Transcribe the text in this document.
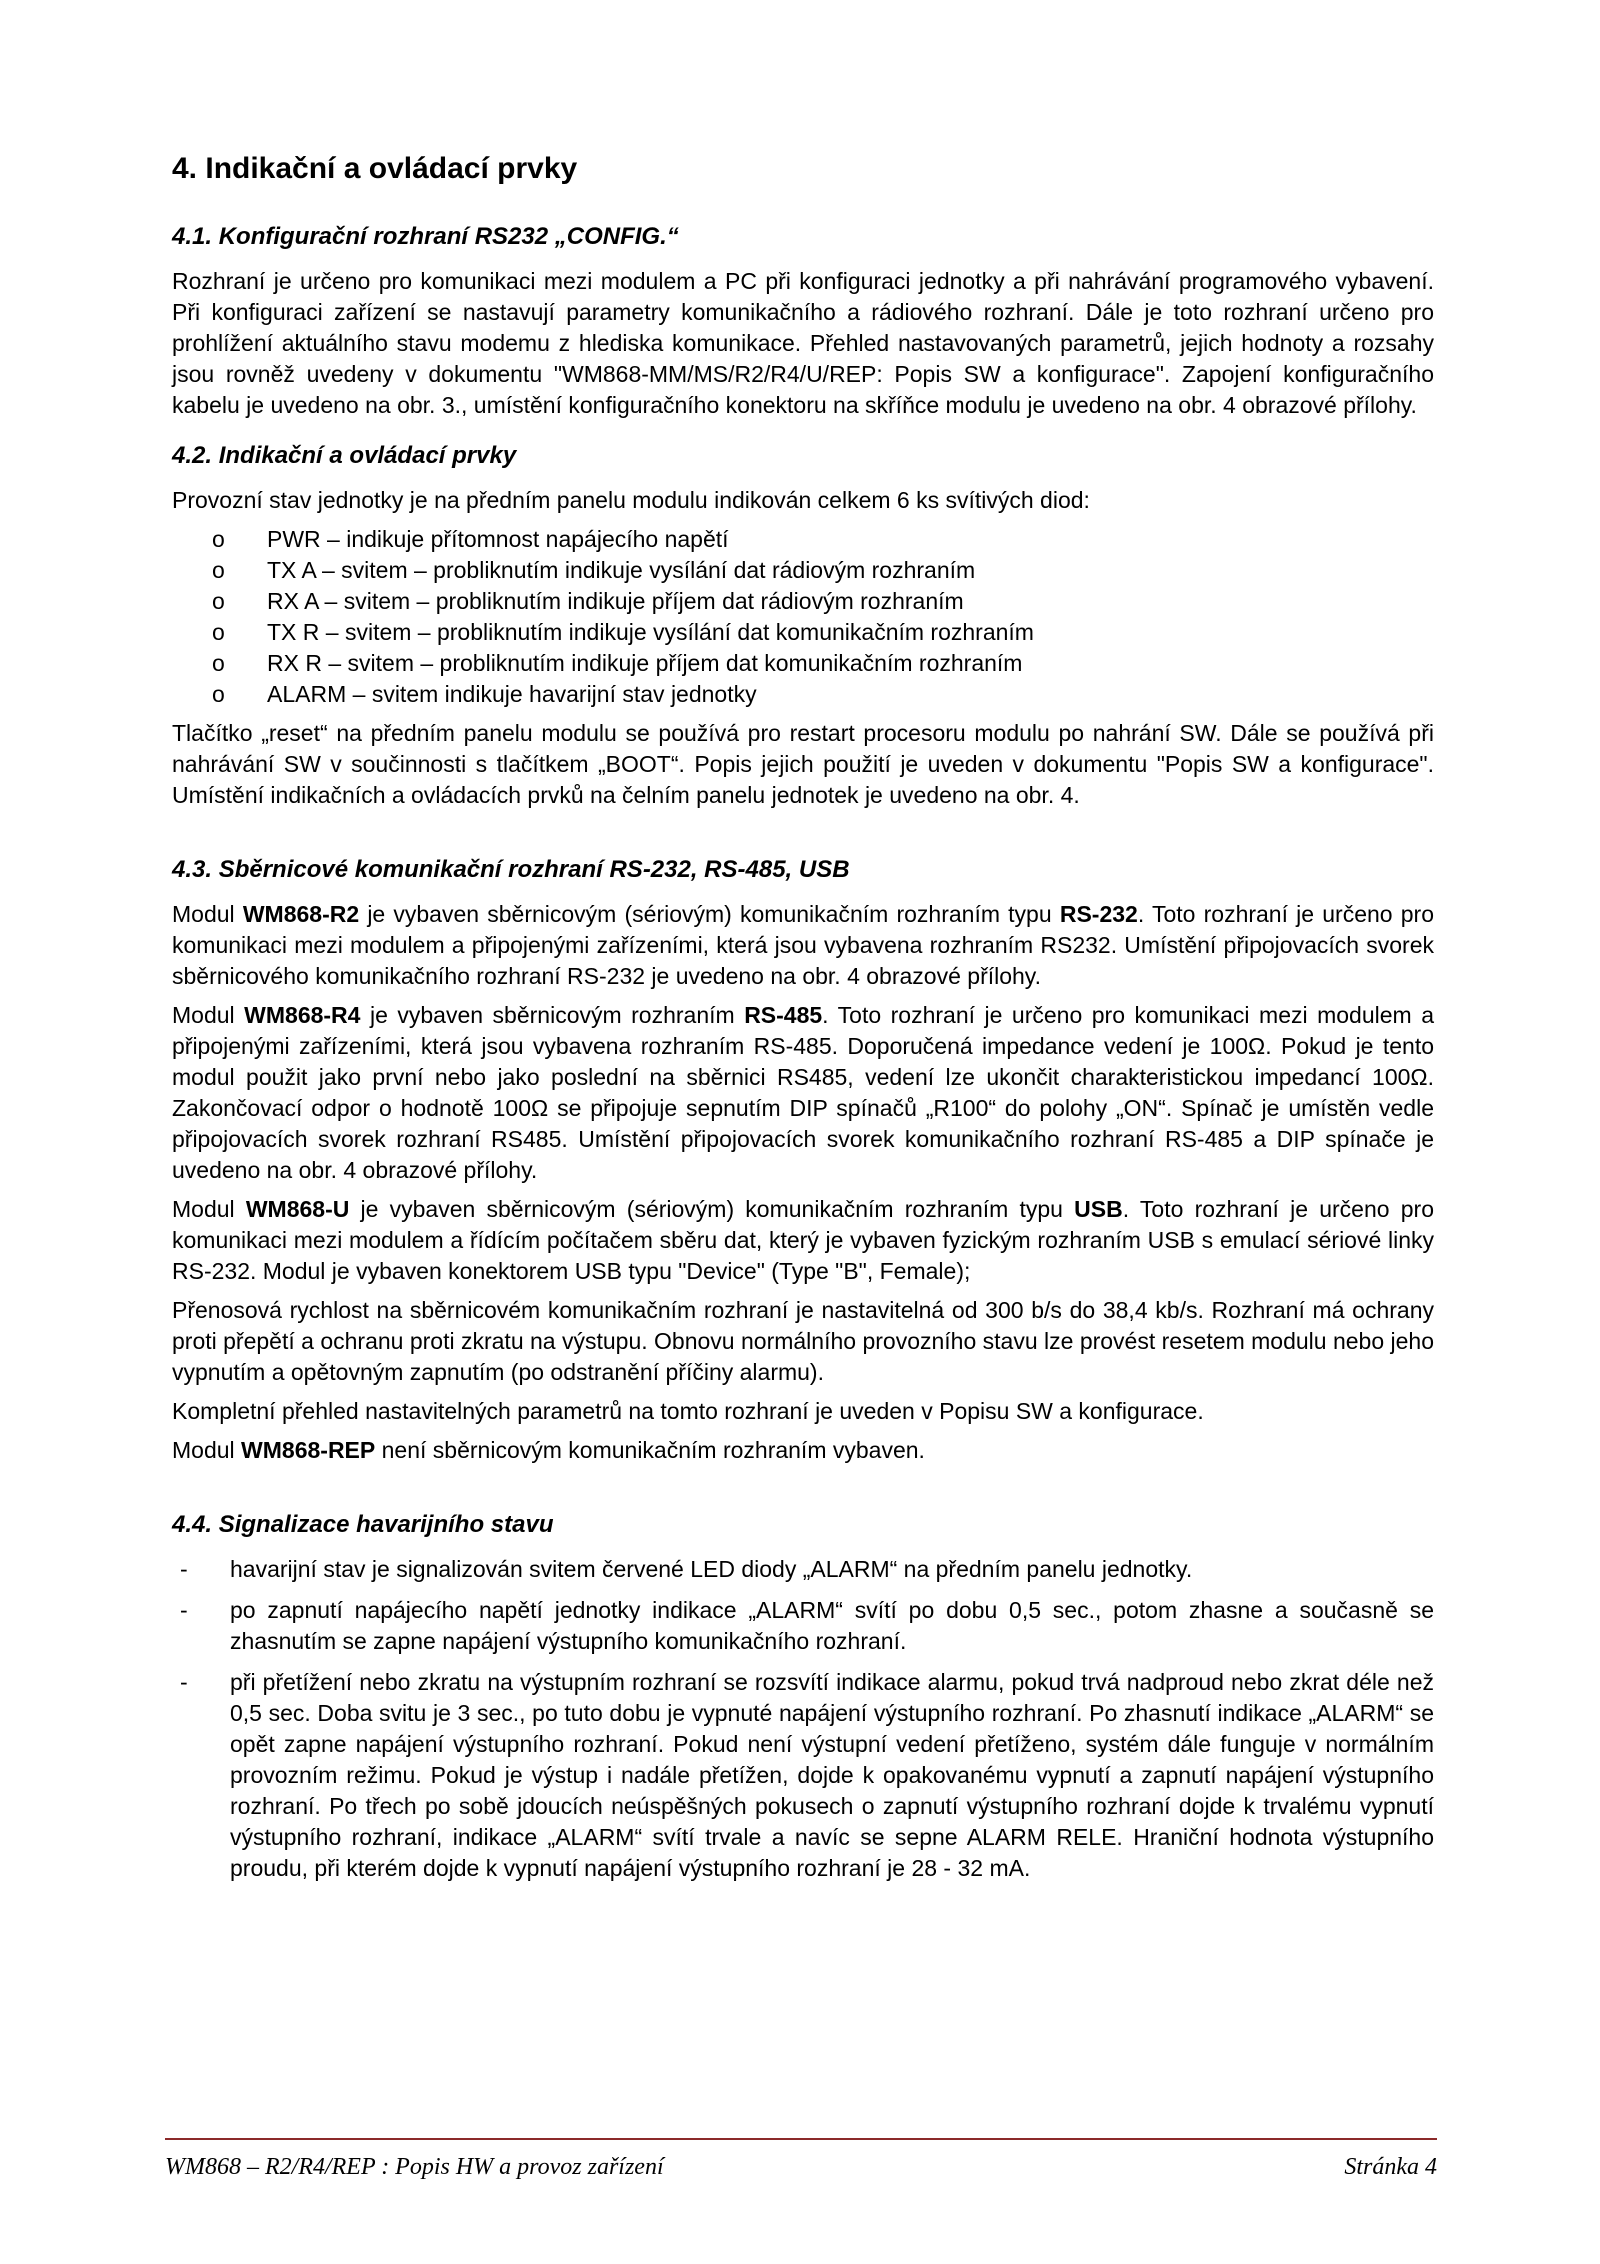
4. Indikační a ovládací prvky
4.1. Konfigurační rozhraní RS232 „CONFIG.“

Rozhraní je určeno pro komunikaci mezi modulem a PC při konfiguraci jednotky a při nahrávání programového vybavení. Při konfiguraci zařízení se nastavují parametry komunikačního a rádiového rozhraní. Dále je toto rozhraní určeno pro prohlížení aktuálního stavu modemu z hlediska komunikace. Přehled nastavovaných parametrů, jejich hodnoty a rozsahy jsou rovněž uvedeny v dokumentu "WM868-MM/MS/R2/R4/U/REP: Popis SW a konfigurace". Zapojení konfiguračního kabelu je uvedeno na obr. 3., umístění konfiguračního konektoru na skříňce modulu je uvedeno na obr. 4 obrazové přílohy.

4.2. Indikační a ovládací prvky

Provozní stav jednotky je na předním panelu modulu indikován celkem 6 ks svítivých diod:

o PWR – indikuje přítomnost napájecího napětí
o TX A – svitem – probliknutím indikuje vysílání dat rádiovým rozhraním
o RX A – svitem – probliknutím indikuje příjem dat rádiovým rozhraním
o TX R – svitem – probliknutím indikuje vysílání dat komunikačním rozhraním
o RX R – svitem – probliknutím indikuje příjem dat komunikačním rozhraním
o ALARM – svitem indikuje havarijní stav jednotky

Tlačítko „reset“ na předním panelu modulu se používá pro restart procesoru modulu po nahrání SW. Dále se používá při nahrávání SW v součinnosti s tlačítkem „BOOT“. Popis jejich použití je uveden v dokumentu "Popis SW a konfigurace". Umístění indikačních a ovládacích prvků na čelním panelu jednotek je uvedeno na obr. 4.

4.3. Sběrnicové komunikační rozhraní RS-232, RS-485, USB

Modul WM868-R2 je vybaven sběrnicovým (sériovým) komunikačním rozhraním typu RS-232. Toto rozhraní je určeno pro komunikaci mezi modulem a připojenými zařízeními, která jsou vybavena rozhraním RS232. Umístění připojovacích svorek sběrnicového komunikačního rozhraní RS-232 je uvedeno na obr. 4 obrazové přílohy.

Modul WM868-R4 je vybaven sběrnicovým rozhraním RS-485. Toto rozhraní je určeno pro komunikaci mezi modulem a připojenými zařízeními, která jsou vybavena rozhraním RS-485. Doporučená impedance vedení je 100Ω. Pokud je tento modul použit jako první nebo jako poslední na sběrnici RS485, vedení lze ukončit charakteristickou impedancí 100Ω. Zakončovací odpor o hodnotě 100Ω se připojuje sepnutím DIP spínačů „R100“ do polohy „ON“. Spínač je umístěn vedle připojovacích svorek rozhraní RS485. Umístění připojovacích svorek komunikačního rozhraní RS-485 a DIP spínače je uvedeno na obr. 4 obrazové přílohy.

Modul WM868-U je vybaven sběrnicovým (sériovým) komunikačním rozhraním typu USB. Toto rozhraní je určeno pro komunikaci mezi modulem a řídícím počítačem sběru dat, který je vybaven fyzickým rozhraním USB s emulací sériové linky RS-232. Modul je vybaven konektorem USB typu "Device" (Type "B", Female);

Přenosová rychlost na sběrnicovém komunikačním rozhraní je nastavitelná od 300 b/s do 38,4 kb/s. Rozhraní má ochrany proti přepětí a ochranu proti zkratu na výstupu. Obnovu normálního provozního stavu lze provést resetem modulu nebo jeho vypnutím a opětovným zapnutím (po odstranění příčiny alarmu).

Kompletní přehled nastavitelných parametrů na tomto rozhraní je uveden v Popisu SW a konfigurace.

Modul WM868-REP není sběrnicovým komunikačním rozhraním vybaven.

4.4. Signalizace havarijního stavu
- havarijní stav je signalizován svitem červené LED diody „ALARM“ na předním panelu jednotky.
- po zapnutí napájecího napětí jednotky indikace „ALARM“ svítí po dobu 0,5 sec., potom zhasne a současně se zhasnutím se zapne napájení výstupního komunikačního rozhraní.
- při přetížení nebo zkratu na výstupním rozhraní se rozsvítí indikace alarmu, pokud trvá nadproud nebo zkrat déle než 0,5 sec. Doba svitu je 3 sec., po tuto dobu je vypnuté napájení výstupního rozhraní. Po zhasnutí indikace „ALARM“ se opět zapne napájení výstupního rozhraní. Pokud není výstupní vedení přetíženo, systém dále funguje v normálním provozním režimu. Pokud je výstup i nadále přetížen, dojde k opakovanému vypnutí a zapnutí napájení výstupního rozhraní. Po třech po sobě jdoucích neúspěšných pokusech o zapnutí výstupního rozhraní dojde k trvalému vypnutí výstupního rozhraní, indikace „ALARM“ svítí trvale a navíc se sepne ALARM RELE. Hraniční hodnota výstupního proudu, při kterém dojde k vypnutí napájení výstupního rozhraní je 28 - 32 mA.
WM868 – R2/R4/REP : Popis HW a provoz zařízení	Stránka 4
